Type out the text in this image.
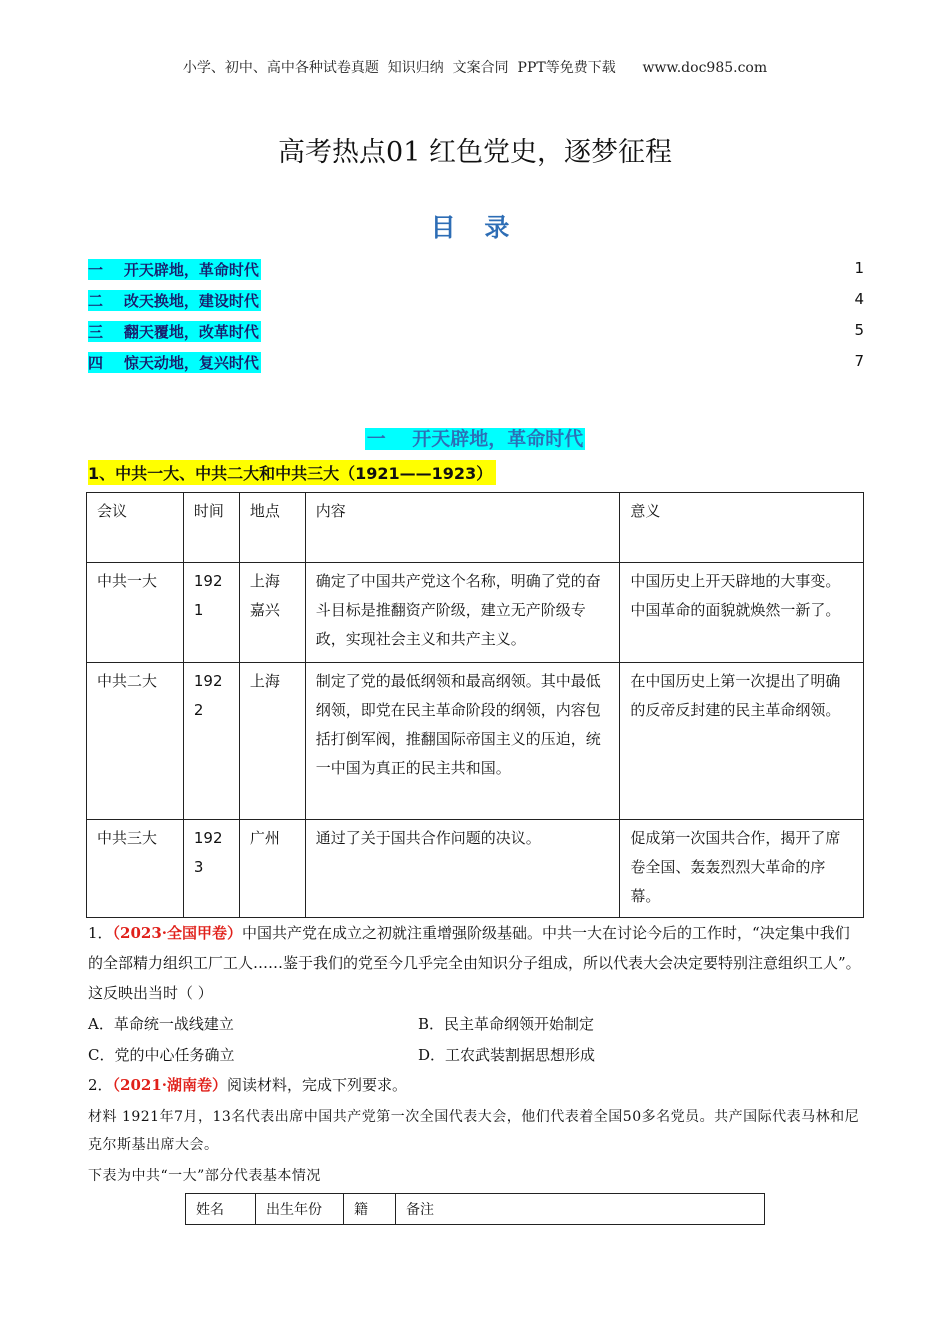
小学、初中、高中各种试卷真题  知识归纳  文案合同  PPT等免费下载      www.doc985.com
高考热点01 红色党史，逐梦征程
目 录
一    开天辟地，革命时代	1
二    改天换地，建设时代	4
三    翻天覆地，改革时代	5
四    惊天动地，复兴时代	7
一    开天辟地，革命时代
1、中共一大、中共二大和中共三大（1921——1923）
会议	时间	地点	内容	意义
中共一大	1921	上海嘉兴	确定了中国共产党这个名称，明确了党的奋斗目标是推翻资产阶级，建立无产阶级专政，实现社会主义和共产主义。	中国历史上开天辟地的大事变。中国革命的面貌就焕然一新了。
中共二大	1922	上海	制定了党的最低纲领和最高纲领。其中最低纲领，即党在民主革命阶段的纲领，内容包括打倒军阀，推翻国际帝国主义的压迫，统一中国为真正的民主共和国。	在中国历史上第一次提出了明确的反帝反封建的民主革命纲领。
中共三大	1923	广州	通过了关于国共合作问题的决议。	促成第一次国共合作，揭开了席卷全国、轰轰烈烈大革命的序幕。
1．（2023·全国甲卷）中国共产党在成立之初就注重增强阶级基础。中共一大在讨论今后的工作时，“决定集中我们的全部精力组织工厂工人……鉴于我们的党至今几乎完全由知识分子组成，所以代表大会决定要特别注意组织工人”。这反映出当时（ ）
A．革命统一战线建立	B．民主革命纲领开始制定
C．党的中心任务确立	D．工农武装割据思想形成
2．（2021·湖南卷）阅读材料，完成下列要求。
材料 1921年7月，13名代表出席中国共产党第一次全国代表大会，他们代表着全国50多名党员。共产国际代表马林和尼克尔斯基出席大会。
下表为中共“一大”部分代表基本情况
姓名	出生年份	籍	备注
